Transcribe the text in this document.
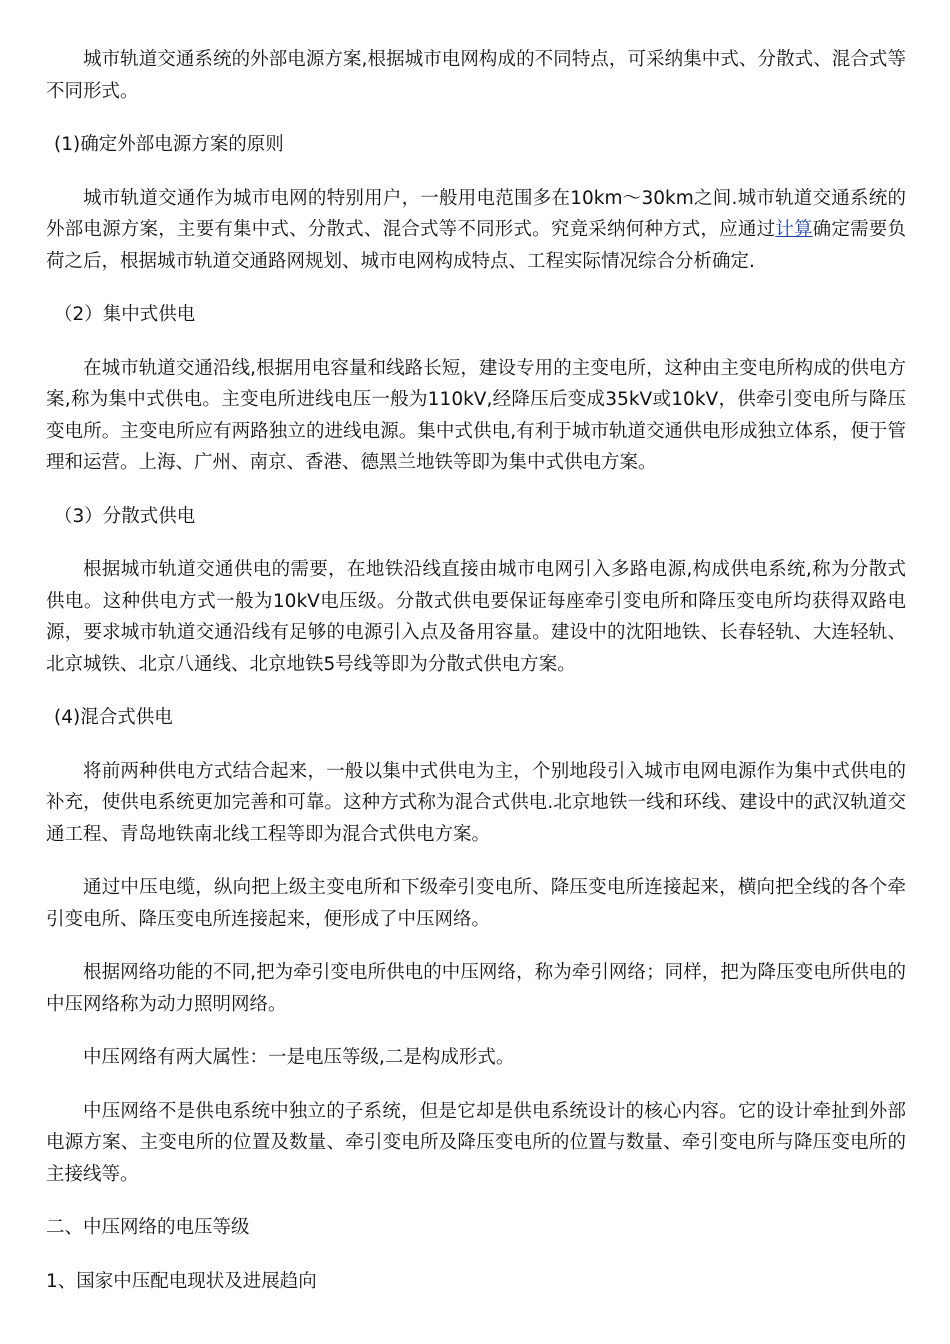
城市轨道交通系统的外部电源方案,根据城市电网构成的不同特点，可采纳集中式、分散式、混合式等不同形式。

(1)确定外部电源方案的原则

城市轨道交通作为城市电网的特别用户，一般用电范围多在10km～30km之间.城市轨道交通系统的外部电源方案，主要有集中式、分散式、混合式等不同形式。究竟采纳何种方式，应通过计算确定需要负荷之后，根据城市轨道交通路网规划、城市电网构成特点、工程实际情况综合分析确定.

（2）集中式供电

在城市轨道交通沿线,根据用电容量和线路长短，建设专用的主变电所，这种由主变电所构成的供电方案,称为集中式供电。主变电所进线电压一般为110kV,经降压后变成35kV或10kV，供牵引变电所与降压变电所。主变电所应有两路独立的进线电源。集中式供电,有利于城市轨道交通供电形成独立体系，便于管理和运营。上海、广州、南京、香港、德黑兰地铁等即为集中式供电方案。

（3）分散式供电

根据城市轨道交通供电的需要，在地铁沿线直接由城市电网引入多路电源,构成供电系统,称为分散式供电。这种供电方式一般为10kV电压级。分散式供电要保证每座牵引变电所和降压变电所均获得双路电源，要求城市轨道交通沿线有足够的电源引入点及备用容量。建设中的沈阳地铁、长春轻轨、大连轻轨、北京城铁、北京八通线、北京地铁5号线等即为分散式供电方案。

(4)混合式供电

将前两种供电方式结合起来，一般以集中式供电为主，个别地段引入城市电网电源作为集中式供电的补充，使供电系统更加完善和可靠。这种方式称为混合式供电.北京地铁一线和环线、建设中的武汉轨道交通工程、青岛地铁南北线工程等即为混合式供电方案。

通过中压电缆，纵向把上级主变电所和下级牵引变电所、降压变电所连接起来，横向把全线的各个牵引变电所、降压变电所连接起来，便形成了中压网络。

根据网络功能的不同,把为牵引变电所供电的中压网络，称为牵引网络；同样，把为降压变电所供电的中压网络称为动力照明网络。

中压网络有两大属性：一是电压等级,二是构成形式。

中压网络不是供电系统中独立的子系统，但是它却是供电系统设计的核心内容。它的设计牵扯到外部电源方案、主变电所的位置及数量、牵引变电所及降压变电所的位置与数量、牵引变电所与降压变电所的主接线等。

二、中压网络的电压等级

1、国家中压配电现状及进展趋向
